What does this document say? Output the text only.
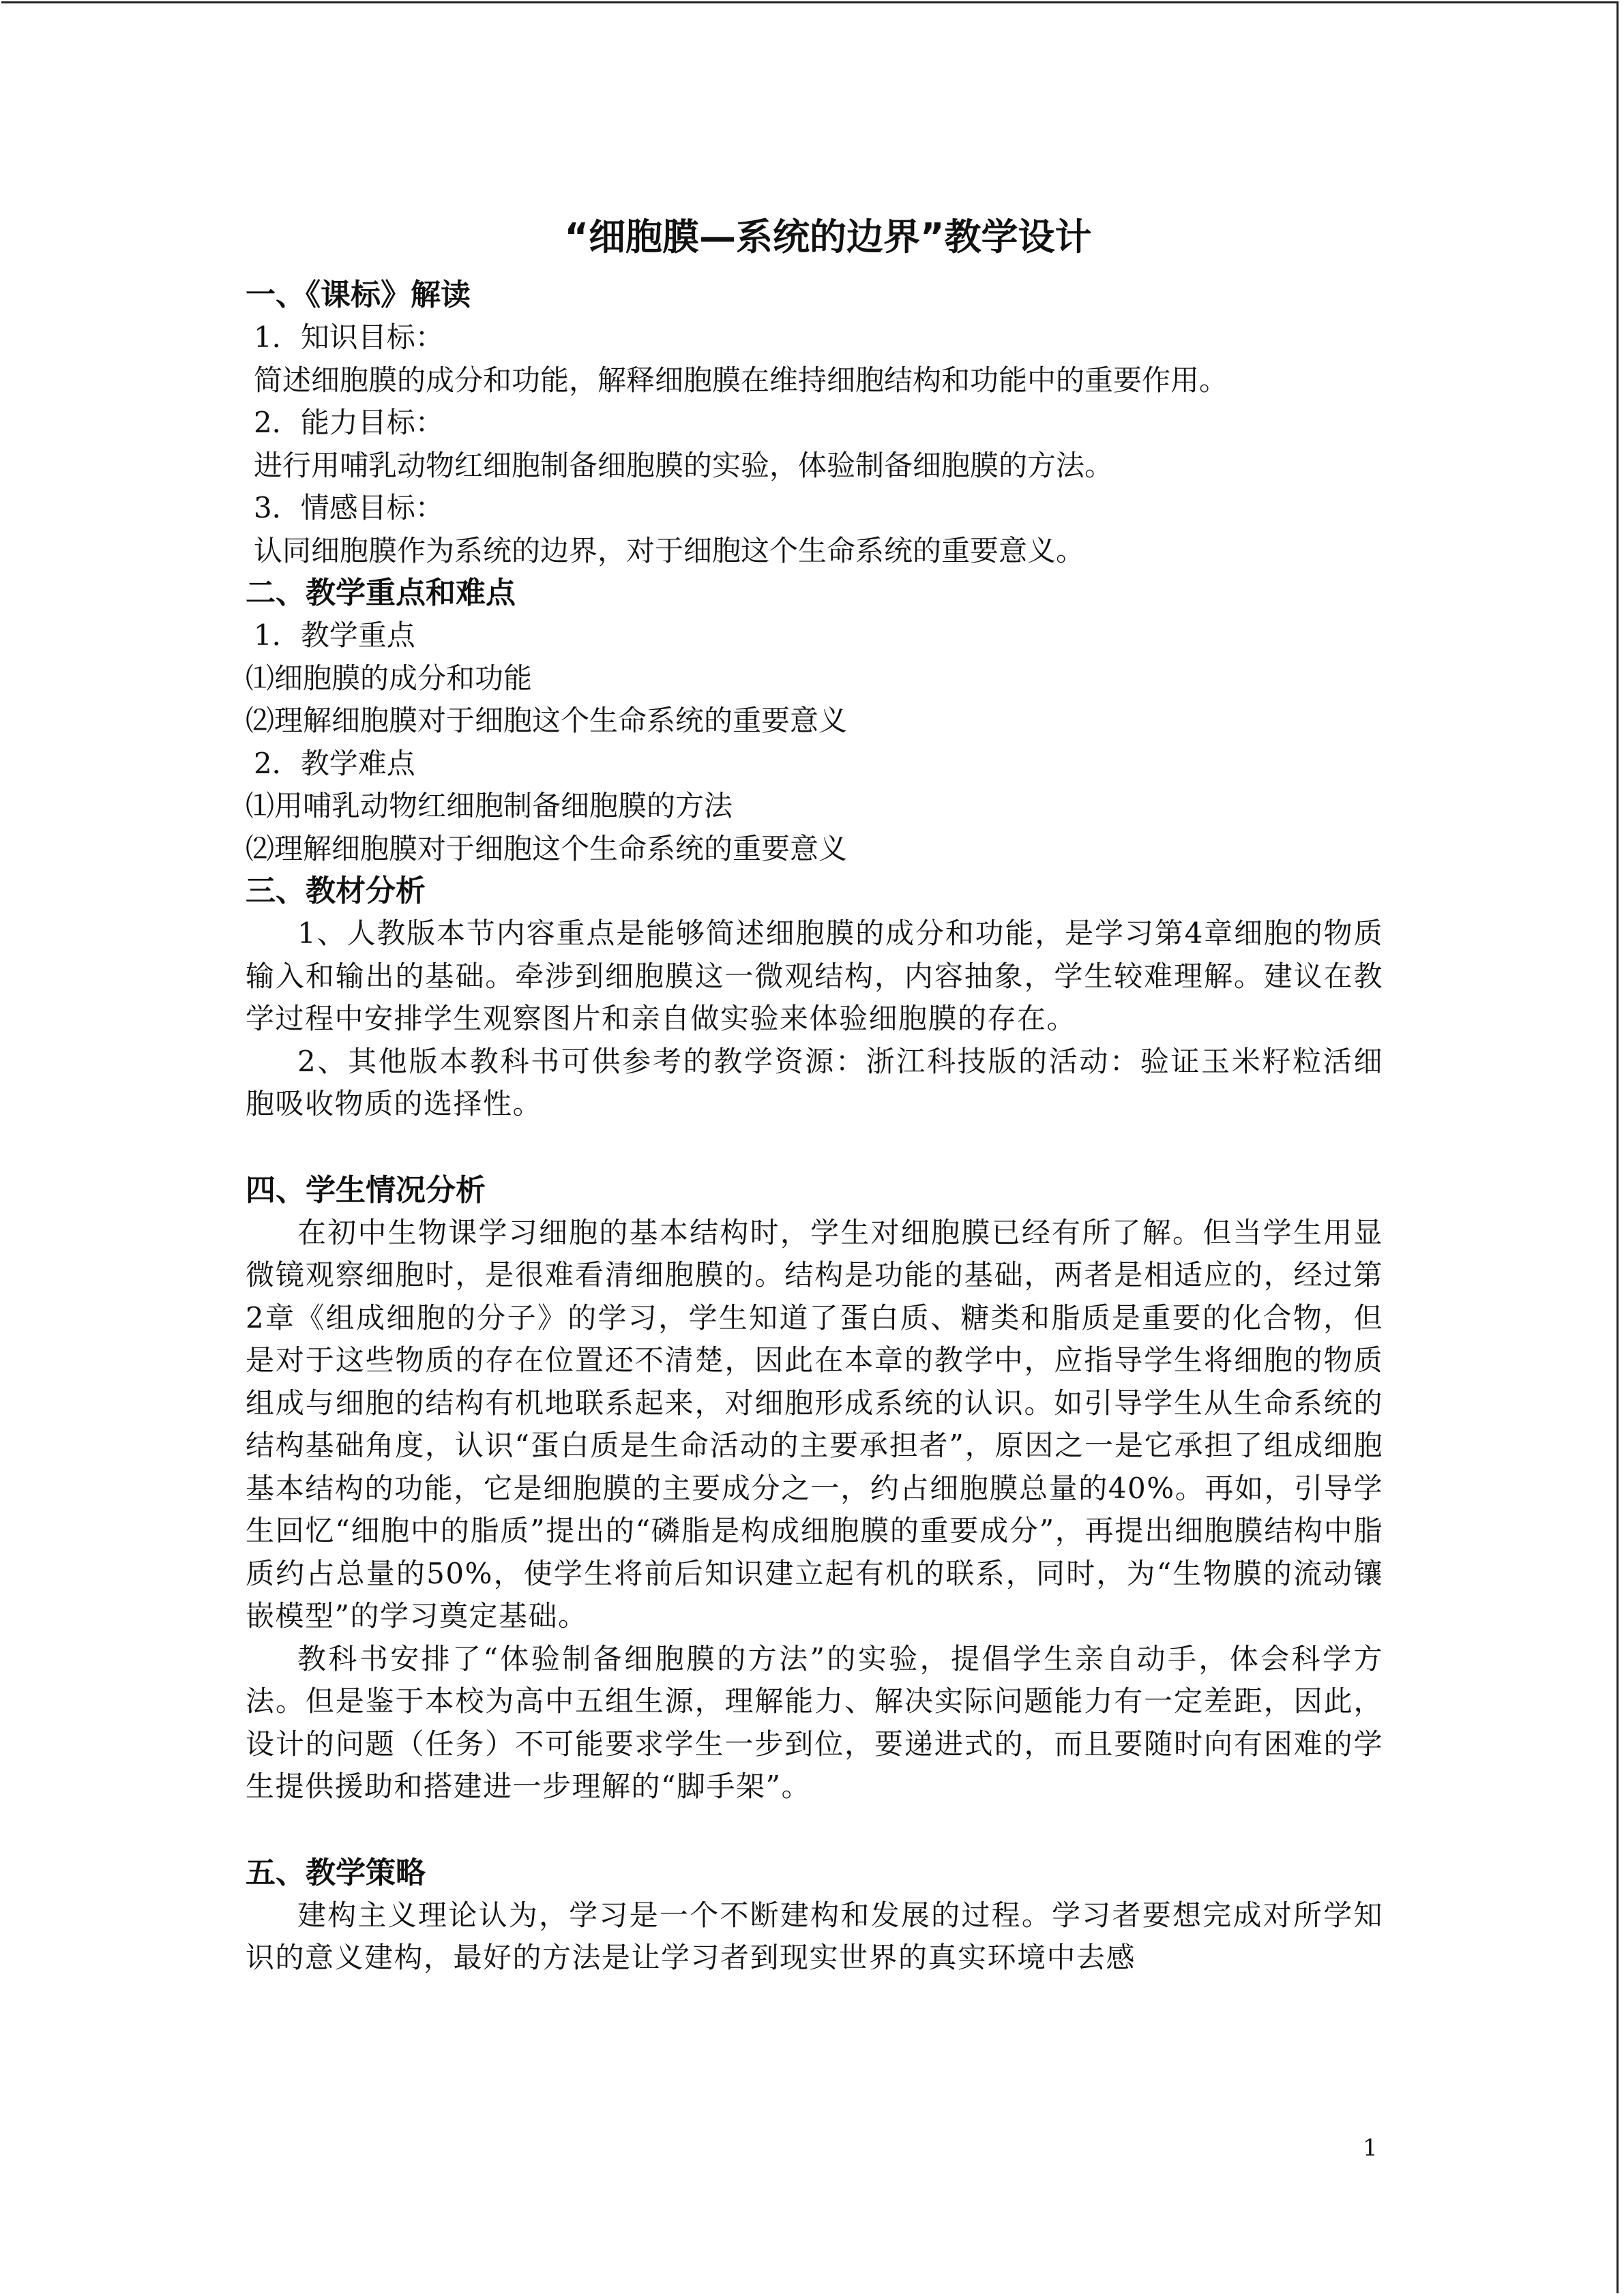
“细胞膜—系统的边界”教学设计
一、《课标》解读
1．知识目标：
简述细胞膜的成分和功能，解释细胞膜在维持细胞结构和功能中的重要作用。
2．能力目标：
进行用哺乳动物红细胞制备细胞膜的实验，体验制备细胞膜的方法。
3．情感目标：
认同细胞膜作为系统的边界，对于细胞这个生命系统的重要意义。
二、教学重点和难点
1．教学重点
⑴细胞膜的成分和功能
⑵理解细胞膜对于细胞这个生命系统的重要意义
2．教学难点
⑴用哺乳动物红细胞制备细胞膜的方法
⑵理解细胞膜对于细胞这个生命系统的重要意义
三、教材分析

1、人教版本节内容重点是能够简述细胞膜的成分和功能，是学习第4章细胞的物质输入和输出的基础。牵涉到细胞膜这一微观结构，内容抽象，学生较难理解。建议在教学过程中安排学生观察图片和亲自做实验来体验细胞膜的存在。

2、其他版本教科书可供参考的教学资源：浙江科技版的活动：验证玉米籽粒活细胞吸收物质的选择性。

四、学生情况分析

在初中生物课学习细胞的基本结构时，学生对细胞膜已经有所了解。但当学生用显微镜观察细胞时，是很难看清细胞膜的。结构是功能的基础，两者是相适应的，经过第2章《组成细胞的分子》的学习，学生知道了蛋白质、糖类和脂质是重要的化合物，但是对于这些物质的存在位置还不清楚，因此在本章的教学中，应指导学生将细胞的物质组成与细胞的结构有机地联系起来，对细胞形成系统的认识。如引导学生从生命系统的结构基础角度，认识“蛋白质是生命活动的主要承担者”，原因之一是它承担了组成细胞基本结构的功能，它是细胞膜的主要成分之一，约占细胞膜总量的40%。再如，引导学生回忆“细胞中的脂质”提出的“磷脂是构成细胞膜的重要成分”，再提出细胞膜结构中脂质约占总量的50%，使学生将前后知识建立起有机的联系，同时，为“生物膜的流动镶嵌模型”的学习奠定基础。

教科书安排了“体验制备细胞膜的方法”的实验，提倡学生亲自动手，体会科学方法。但是鉴于本校为高中五组生源，理解能力、解决实际问题能力有一定差距，因此，设计的问题（任务）不可能要求学生一步到位，要递进式的，而且要随时向有困难的学生提供援助和搭建进一步理解的“脚手架”。

五、教学策略

建构主义理论认为，学习是一个不断建构和发展的过程。学习者要想完成对所学知识的意义建构，最好的方法是让学习者到现实世界的真实环境中去感

1
